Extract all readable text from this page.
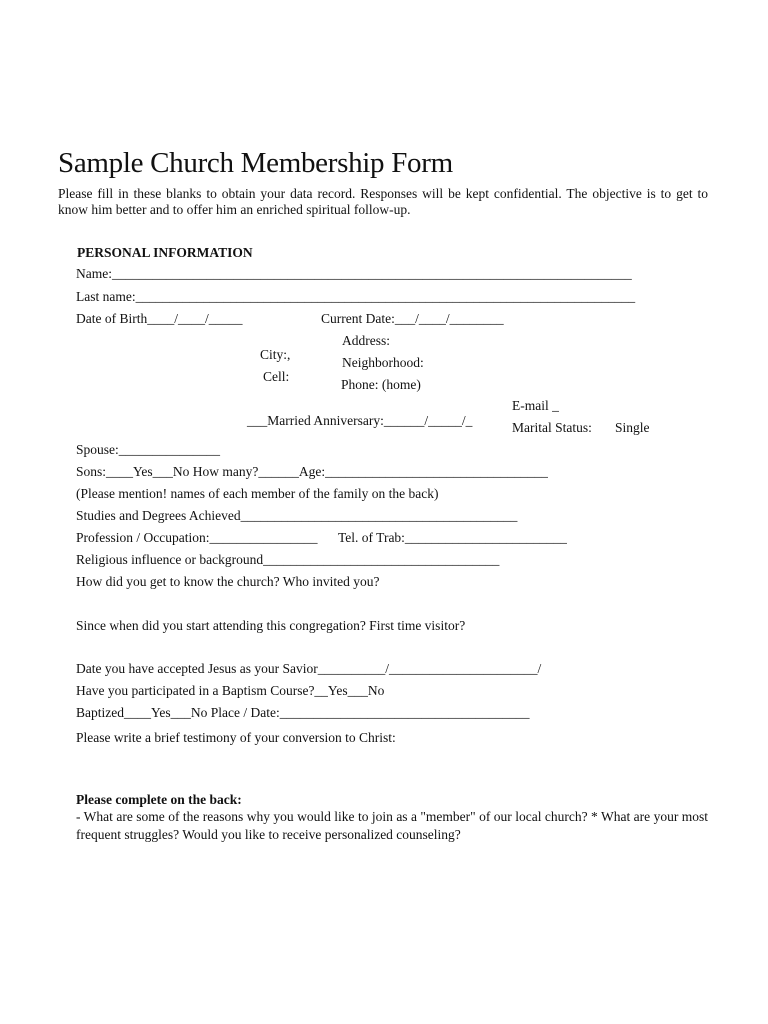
Sample Church Membership Form
Please fill in these blanks to obtain your data record. Responses will be kept confidential. The objective is to get to know him better and to offer him an enriched spiritual follow-up.
PERSONAL INFORMATION
Name:_____________________________________________________________________________
Last name:__________________________________________________________________________
Date of Birth____/____/_____	Current Date:___/____/________
Address:
City:,
Neighborhood:
Cell:
Phone: (home)
E-mail _
___Married Anniversary:______/_____/_	Marital Status: Single
Spouse:_______________
Sons:____Yes___No How many?______Age:_________________________________
(Please mention! names of each member of the family on the back)
Studies and Degrees Achieved_________________________________________
Profession / Occupation:________________ Tel. of Trab:________________________
Religious influence or background___________________________________
How did you get to know the church? Who invited you?
Since when did you start attending this congregation? First time visitor?
Date you have accepted Jesus as your Savior__________/______________________/
Have you participated in a Baptism Course?__Yes___No
Baptized____Yes___No Place / Date:_____________________________________
Please write a brief testimony of your conversion to Christ:
Please complete on the back:
- What are some of the reasons why you would like to join as a "member" of our local church? * What are your most frequent struggles? Would you like to receive personalized counseling?
